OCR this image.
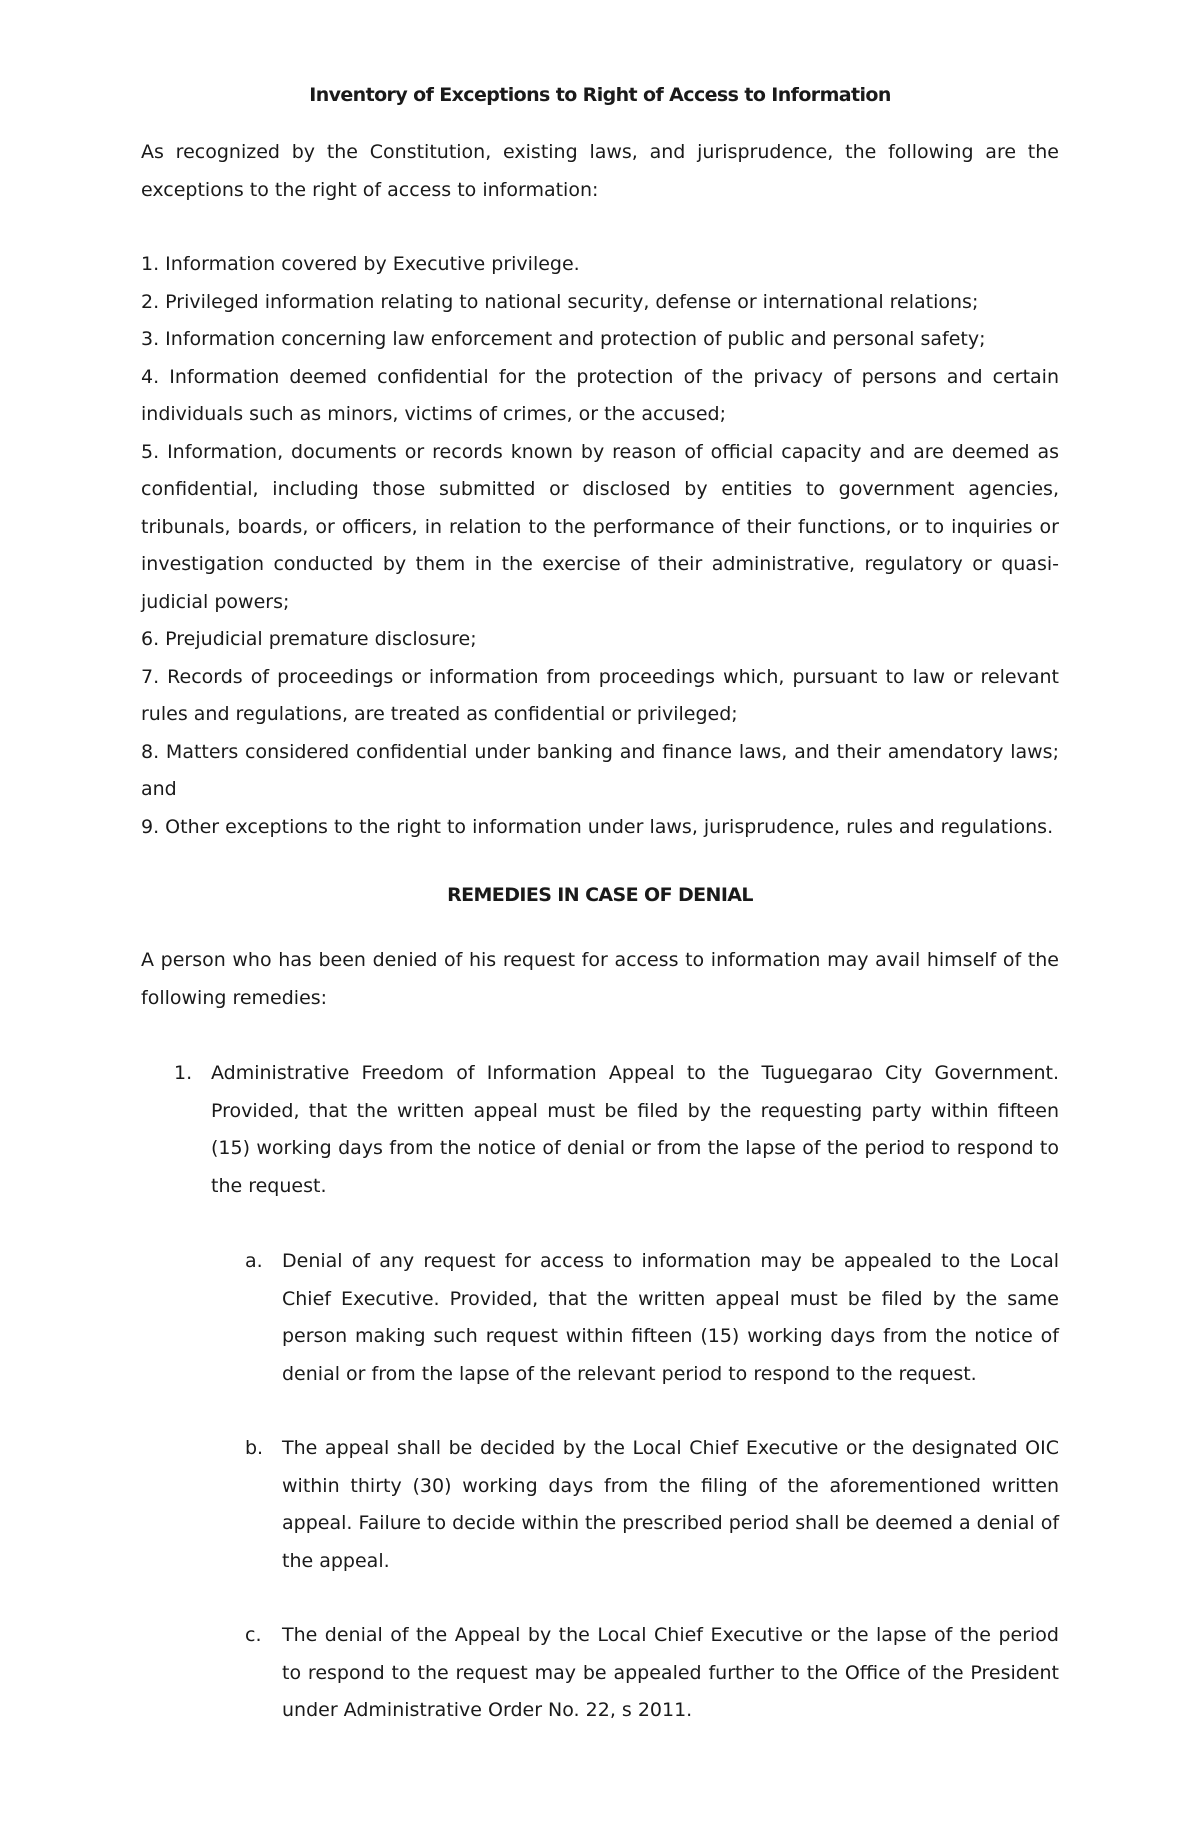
Inventory of Exceptions to Right of Access to Information

As recognized by the Constitution, existing laws, and jurisprudence, the following are the exceptions to the right of access to information:

1. Information covered by Executive privilege.
2. Privileged information relating to national security, defense or international relations;
3. Information concerning law enforcement and protection of public and personal safety;
4. Information deemed confidential for the protection of the privacy of persons and certain individuals such as minors, victims of crimes, or the accused;
5. Information, documents or records known by reason of official capacity and are deemed as confidential, including those submitted or disclosed by entities to government agencies, tribunals, boards, or officers, in relation to the performance of their functions, or to inquiries or investigation conducted by them in the exercise of their administrative, regulatory or quasi-judicial powers;
6. Prejudicial premature disclosure;
7. Records of proceedings or information from proceedings which, pursuant to law or relevant rules and regulations, are treated as confidential or privileged;
8. Matters considered confidential under banking and finance laws, and their amendatory laws; and
9. Other exceptions to the right to information under laws, jurisprudence, rules and regulations.

REMEDIES IN CASE OF DENIAL

A person who has been denied of his request for access to information may avail himself of the following remedies:

1. Administrative Freedom of Information Appeal to the Tuguegarao City Government. Provided, that the written appeal must be filed by the requesting party within fifteen (15) working days from the notice of denial or from the lapse of the period to respond to the request.
a.	Denial of any request for access to information may be appealed to the Local Chief Executive. Provided, that the written appeal must be filed by the same person making such request within fifteen (15) working days from the notice of denial or from the lapse of the relevant period to respond to the request.
b. The appeal shall be decided by the Local Chief Executive or the designated OIC within thirty (30) working days from the filing of the aforementioned written appeal. Failure to decide within the prescribed period shall be deemed a denial of the appeal.
c.	The denial of the Appeal by the Local Chief Executive or the lapse of the period to respond to the request may be appealed further to the Office of the President under Administrative Order No. 22, s 2011.
